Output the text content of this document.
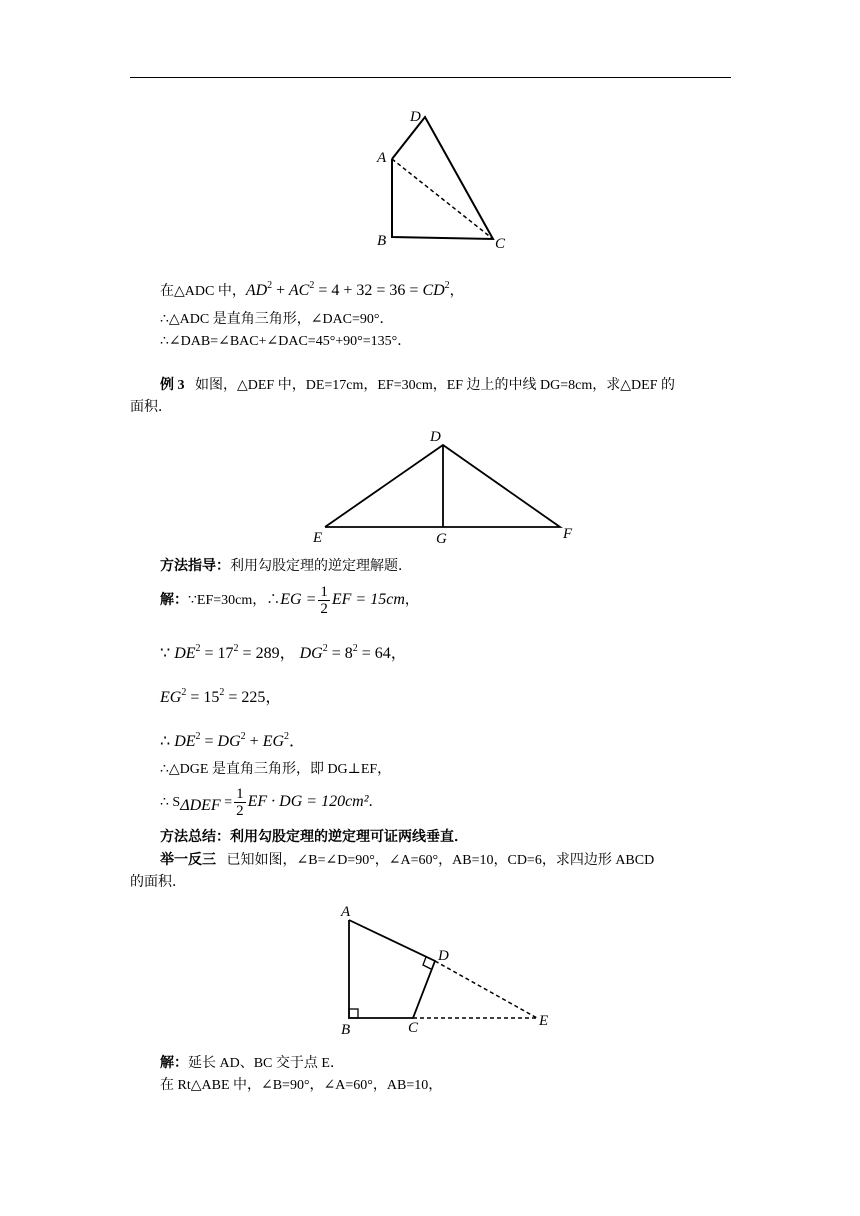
D
A
B	C
在△ADC 中，$AD^2 + AC^2 = 4 + 32 = 36 = CD^2$，
∴△ADC 是直角三角形，∠DAC=90°．
∴∠DAB=∠BAC+∠DAC=45°+90°=135°．
例 3 如图，△DEF 中，DE=17cm，EF=30cm，EF 边上的中线 DG=8cm，求△DEF 的
面积．
D
E	G	F
方法指导：利用勾股定理的逆定理解题．
解：∵EF=30cm，∴EG = $\frac{1}{2}$ EF = 15cm，
∵ $DE^2 = 17^2 = 289$， $DG^2 = 8^2 = 64$，
$EG^2 = 15^2 = 225$，
∴ $DE^2 = DG^2 + EG^2$．
∴△DGE 是直角三角形，即 DG⊥EF，
∴ $S_{\Delta DEF} = \frac{1}{2}$ EF · DG = 120cm²．
方法总结：利用勾股定理的逆定理可证两线垂直．
举一反三 已知如图，∠B=∠D=90°，∠A=60°，AB=10，CD=6，求四边形 ABCD
的面积．
A
D
B	C	E
解：延长 AD、BC 交于点 E．
在 Rt△ABE 中，∠B=90°，∠A=60°，AB=10，
